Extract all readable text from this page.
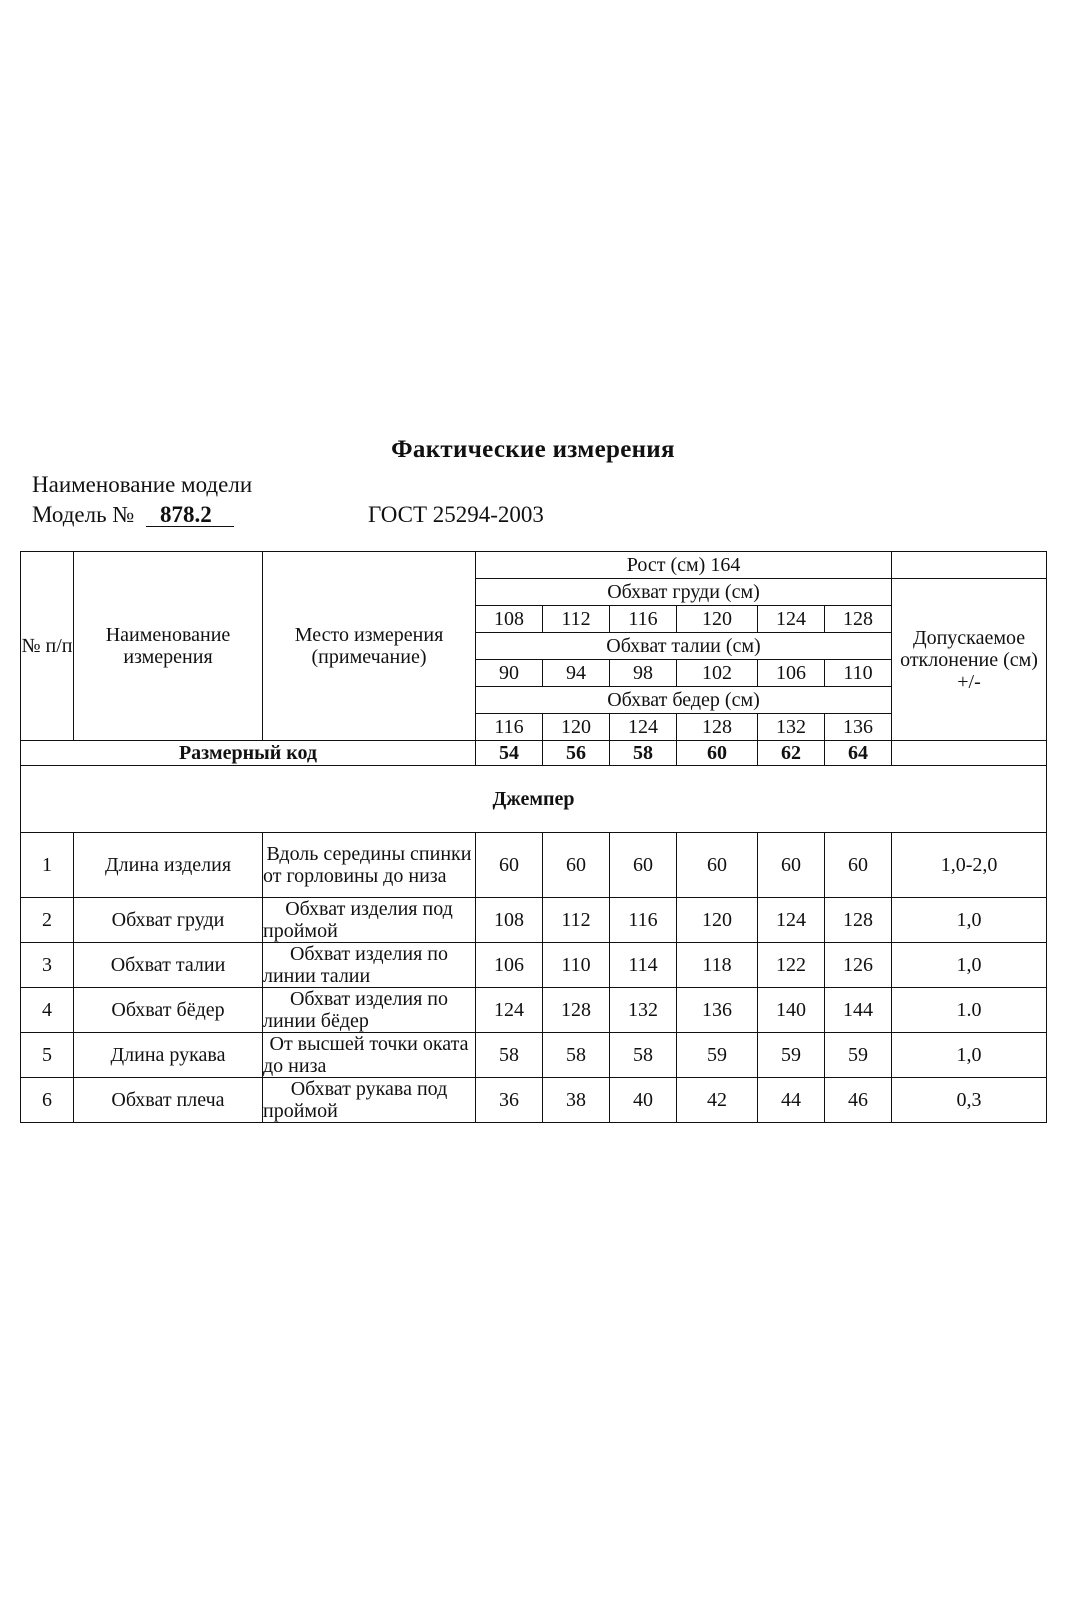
Фактические измерения
Наименование модели
Модель № 878.2	ГОСТ 25294-2003
№ п/п	Наименование измерения	Место измерения (примечание)	Рост (см) 164						
			Обхват груди (см)						Допускаемое отклонение (см) +/-
			108	112	116	120	124	128	
			Обхват талии (см)						
			90	94	98	102	106	110	
			Обхват бедер (см)						
			116	120	124	128	132	136	
Размерный код			54	56	58	60	62	64	
Джемпер									
1	Длина изделия	Вдоль середины спинки от горловины до низа	60	60	60	60	60	60	1,0-2,0
2	Обхват груди	Обхват изделия под проймой	108	112	116	120	124	128	1,0
3	Обхват талии	Обхват изделия по линии талии	106	110	114	118	122	126	1,0
4	Обхват бёдер	Обхват изделия по линии бёдер	124	128	132	136	140	144	1.0
5	Длина рукава	От высшей точки оката до низа	58	58	58	59	59	59	1,0
6	Обхват плеча	Обхват рукава под проймой	36	38	40	42	44	46	0,3
